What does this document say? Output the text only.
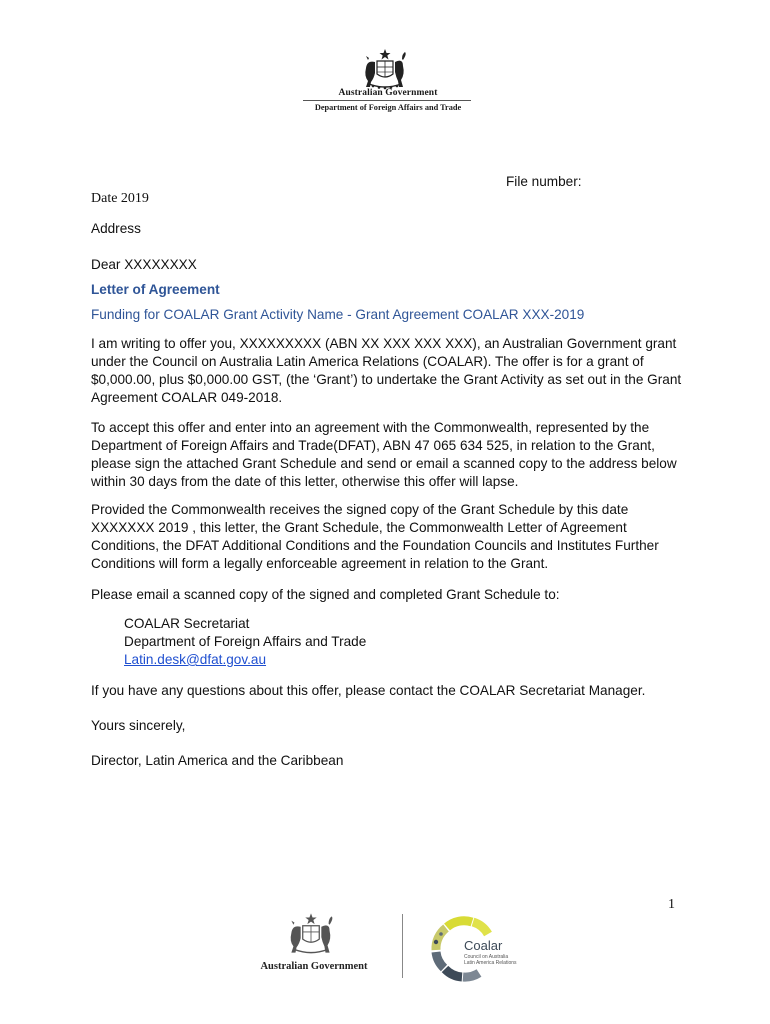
Australian Government
Department of Foreign Affairs and Trade
File number:
Date 2019
Address
Dear XXXXXXXX
Letter of Agreement
Funding for COALAR Grant Activity Name - Grant Agreement COALAR XXX-2019

I am writing to offer you, XXXXXXXXX (ABN XX XXX XXX XXX), an Australian Government grant under the Council on Australia Latin America Relations (COALAR). The offer is for a grant of $0,000.00, plus $0,000.00 GST, (the ‘Grant’) to undertake the Grant Activity as set out in the Grant Agreement COALAR 049-2018.

To accept this offer and enter into an agreement with the Commonwealth, represented by the Department of Foreign Affairs and Trade(DFAT), ABN 47 065 634 525, in relation to the Grant, please sign the attached Grant Schedule and send or email a scanned copy to the address below within 30 days from the date of this letter, otherwise this offer will lapse.

Provided the Commonwealth receives the signed copy of the Grant Schedule by this date XXXXXXX 2019 , this letter, the Grant Schedule, the Commonwealth Letter of Agreement Conditions, the DFAT Additional Conditions and the Foundation Councils and Institutes Further Conditions will form a legally enforceable agreement in relation to the Grant.

Please email a scanned copy of the signed and completed Grant Schedule to:

COALAR Secretariat
Department of Foreign Affairs and Trade
Latin.desk@dfat.gov.au

If you have any questions about this offer, please contact the COALAR Secretariat Manager.

Yours sincerely,
Director, Latin America and the Caribbean
1
Australian Government
Coalar
Council on Australia
Latin America Relations
